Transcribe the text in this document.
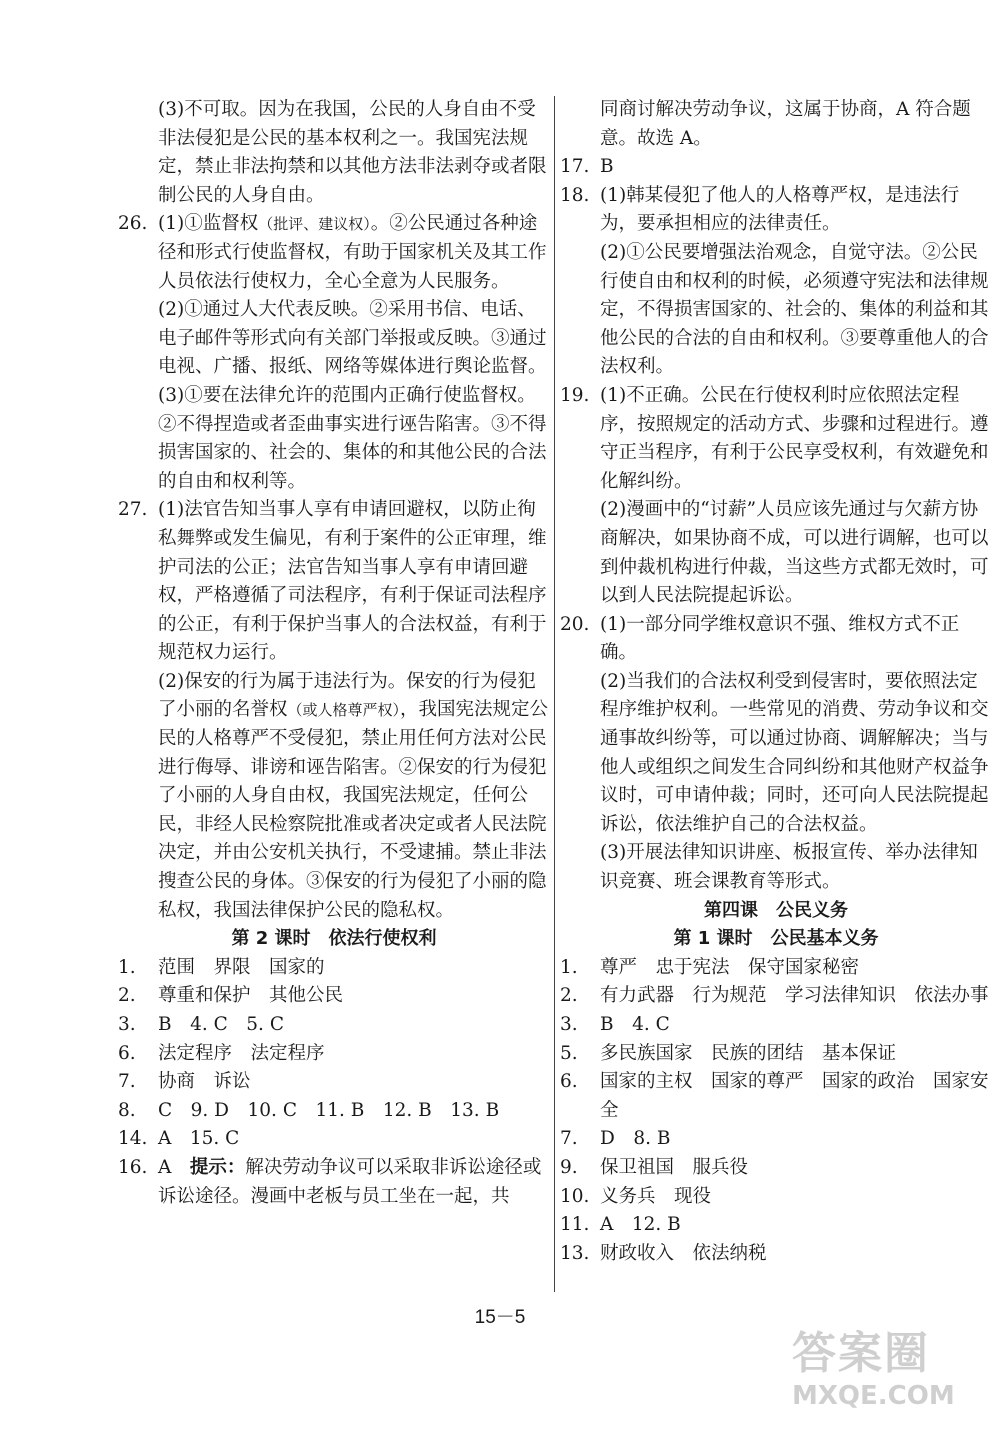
(3)不可取。因为在我国，公民的人身自由不受非法侵犯是公民的基本权利之一。我国宪法规定，禁止非法拘禁和以其他方法非法剥夺或者限制公民的人身自由。
26. (1)①监督权（批评、建议权）。②公民通过各种途径和形式行使监督权，有助于国家机关及其工作人员依法行使权力，全心全意为人民服务。

(2)①通过人大代表反映。②采用书信、电话、电子邮件等形式向有关部门举报或反映。③通过电视、广播、报纸、网络等媒体进行舆论监督。

(3)①要在法律允许的范围内正确行使监督权。②不得捏造或者歪曲事实进行诬告陷害。③不得损害国家的、社会的、集体的和其他公民的合法的自由和权利等。

27. (1)法官告知当事人享有申请回避权，以防止徇私舞弊或发生偏见，有利于案件的公正审理，维护司法的公正；法官告知当事人享有申请回避权，严格遵循了司法程序，有利于保证司法程序的公正，有利于保护当事人的合法权益，有利于规范权力运行。

(2)保安的行为属于违法行为。保安的行为侵犯了小丽的名誉权（或人格尊严权），我国宪法规定公民的人格尊严不受侵犯，禁止用任何方法对公民进行侮辱、诽谤和诬告陷害。②保安的行为侵犯了小丽的人身自由权，我国宪法规定，任何公民，非经人民检察院批准或者决定或者人民法院决定，并由公安机关执行，不受逮捕。禁止非法搜查公民的身体。③保安的行为侵犯了小丽的隐私权，我国法律保护公民的隐私权。

第 2 课时　依法行使权利
1.	范围　界限　国家的
2.	尊重和保护　其他公民
3.	B　4. C　5. C
6.	法定程序　法定程序
7.	协商　诉讼
8.	C　9. D　10. C　11. B　12. B　13. B
14. A　15. C
16. A　提示：解决劳动争议可以采取非诉讼途径或诉讼途径。漫画中老板与员工坐在一起，共
同商讨解决劳动争议，这属于协商，A 符合题意。故选 A。
17. B
18. (1)韩某侵犯了他人的人格尊严权，是违法行为，要承担相应的法律责任。

(2)①公民要增强法治观念，自觉守法。②公民行使自由和权利的时候，必须遵守宪法和法律规定，不得损害国家的、社会的、集体的利益和其他公民的合法的自由和权利。③要尊重他人的合法权利。

19. (1)不正确。公民在行使权利时应依照法定程序，按照规定的活动方式、步骤和过程进行。遵守正当程序，有利于公民享受权利，有效避免和化解纠纷。

(2)漫画中的“讨薪”人员应该先通过与欠薪方协商解决，如果协商不成，可以进行调解，也可以到仲裁机构进行仲裁，当这些方式都无效时，可以到人民法院提起诉讼。

20. (1)一部分同学维权意识不强、维权方式不正确。

(2)当我们的合法权利受到侵害时，要依照法定程序维护权利。一些常见的消费、劳动争议和交通事故纠纷等，可以通过协商、调解解决；当与他人或组织之间发生合同纠纷和其他财产权益争议时，可申请仲裁；同时，还可向人民法院提起诉讼，依法维护自己的合法权益。

(3)开展法律知识讲座、板报宣传、举办法律知识竞赛、班会课教育等形式。

第四课　公民义务
第 1 课时　公民基本义务
1.	尊严　忠于宪法　保守国家秘密
2.	有力武器　行为规范　学习法律知识　依法办事
3.	B　4. C
5.	多民族国家　民族的团结　基本保证
6.	国家的主权　国家的尊严　国家的政治　国家安全
7.	D　8. B
9.	保卫祖国　服兵役
10. 义务兵　现役
11. A　12. B
13. 财政收入　依法纳税
15－5
答案圈
MXQE.COM
